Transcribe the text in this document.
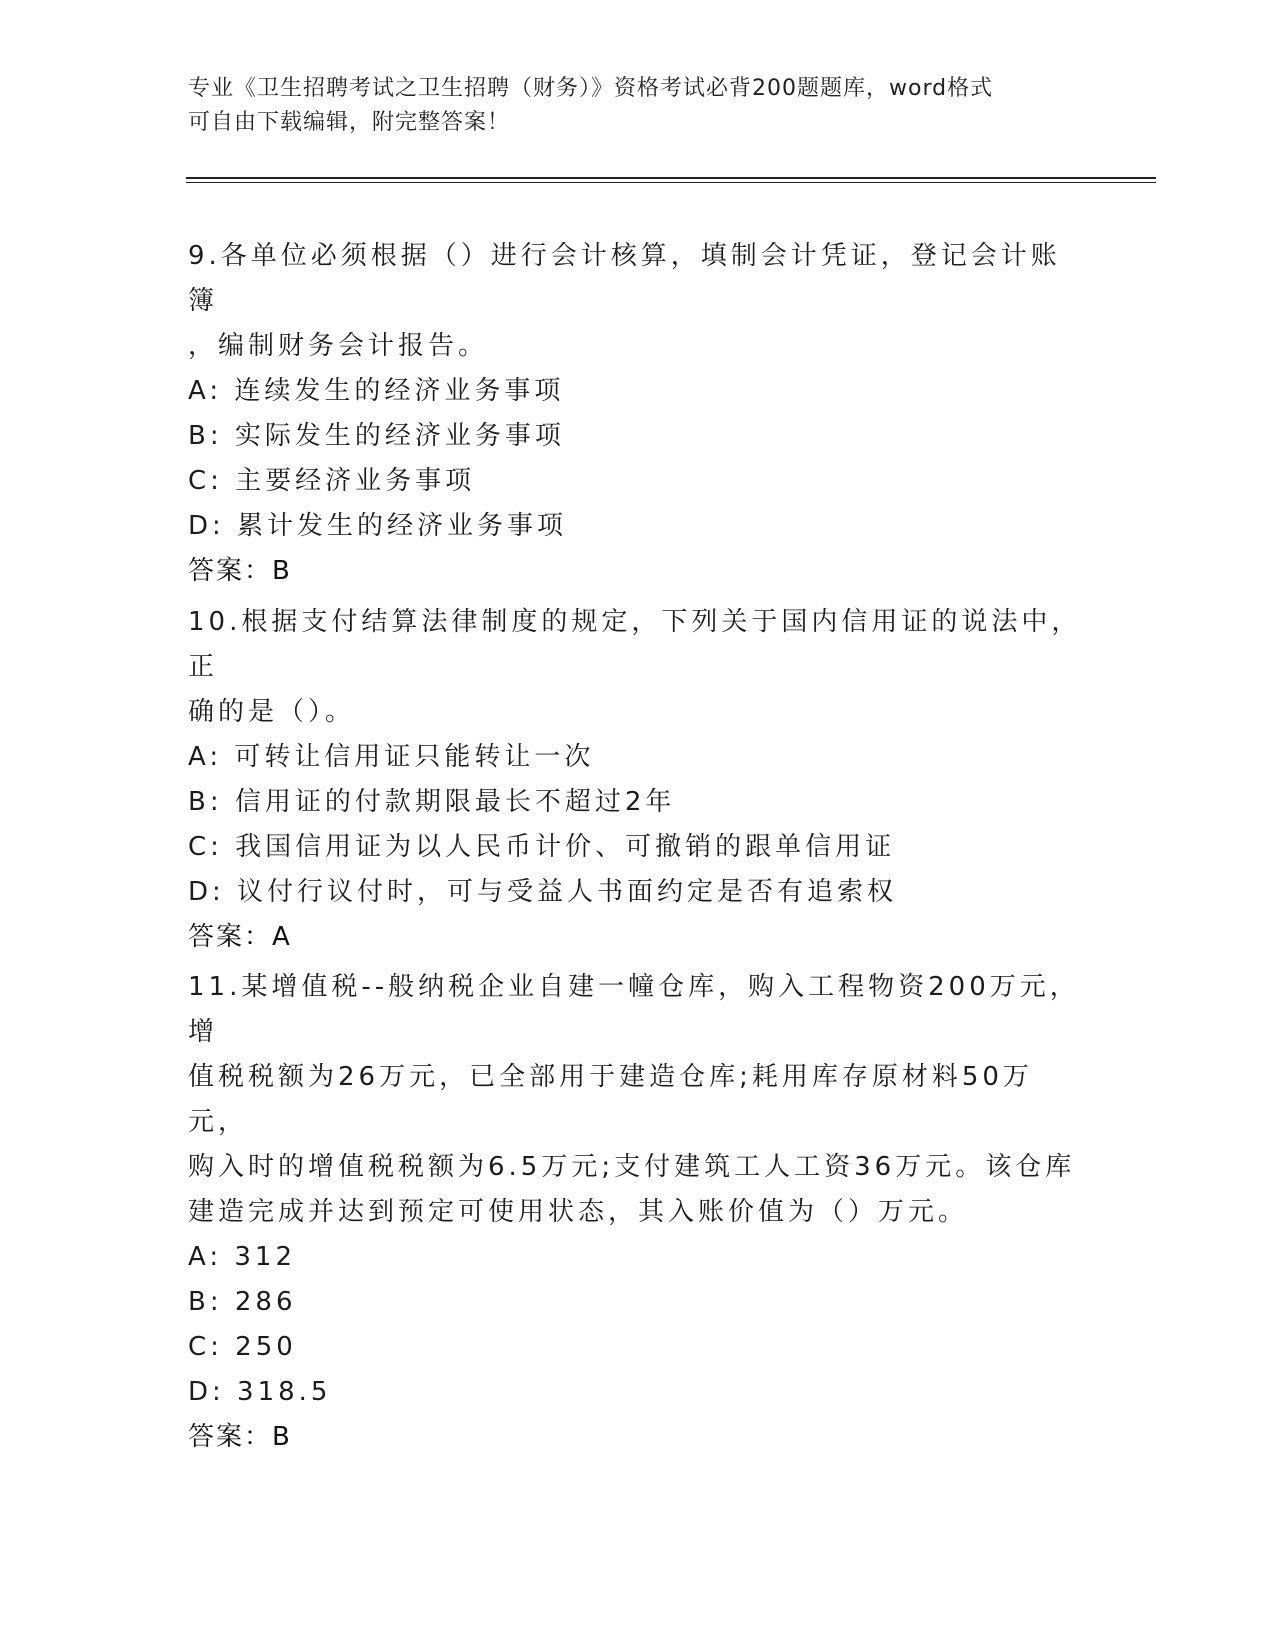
专业《卫生招聘考试之卫生招聘（财务）》资格考试必背200题题库，word格式
可自由下载编辑，附完整答案！

9.各单位必须根据（）进行会计核算，填制会计凭证，登记会计账簿

，编制财务会计报告。

A: 连续发生的经济业务事项

B: 实际发生的经济业务事项

C: 主要经济业务事项

D: 累计发生的经济业务事项

答案：B

10.根据支付结算法律制度的规定，下列关于国内信用证的说法中，正

确的是（）。

A: 可转让信用证只能转让一次

B: 信用证的付款期限最长不超过2年

C: 我国信用证为以人民币计价、可撤销的跟单信用证

D: 议付行议付时，可与受益人书面约定是否有追索权

答案：A

11.某增值税--般纳税企业自建一幢仓库，购入工程物资200万元，增

值税税额为26万元，已全部用于建造仓库;耗用库存原材料50万元，

购入时的增值税税额为6.5万元;支付建筑工人工资36万元。该仓库

建造完成并达到预定可使用状态，其入账价值为（）万元。

A: 312

B: 286

C: 250

D: 318.5

答案：B
